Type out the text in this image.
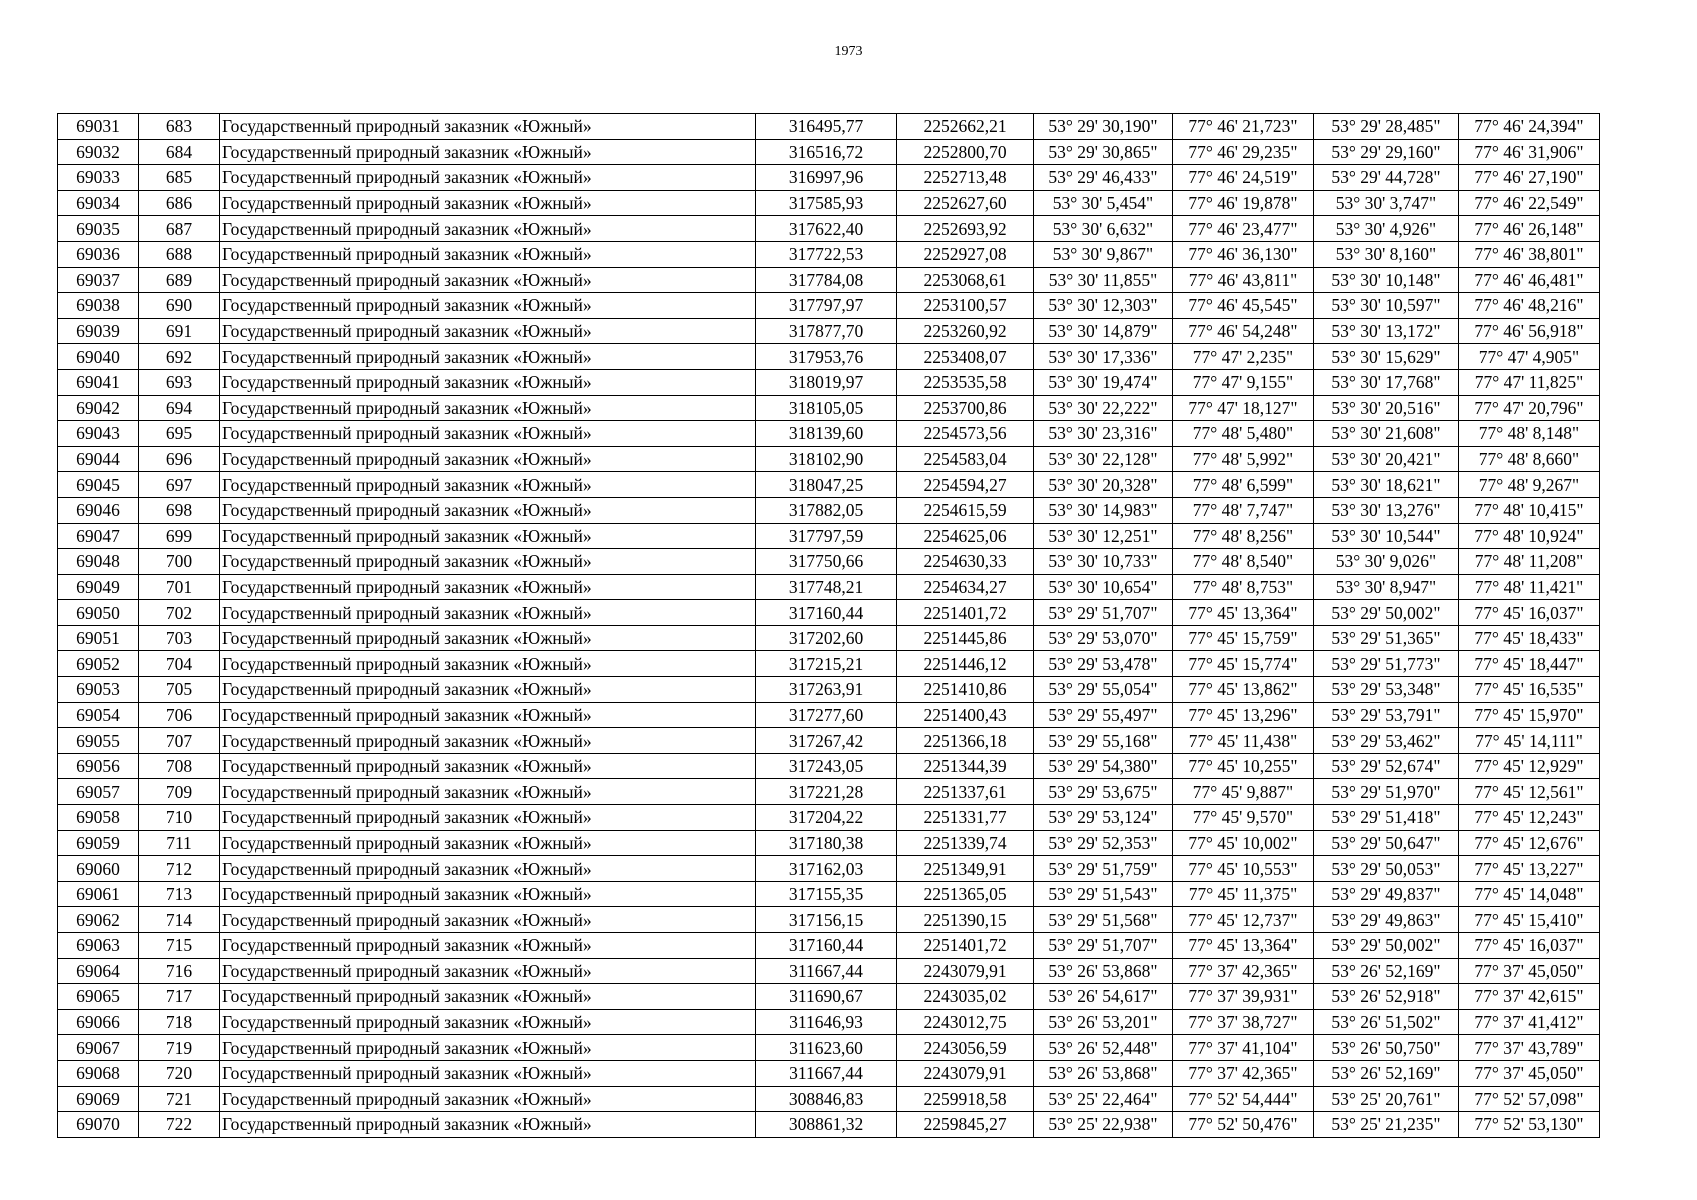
1973
69031	683	Государственный природный заказник «Южный»	316495,77	2252662,21	53° 29' 30,190"	77° 46' 21,723"	53° 29' 28,485"	77° 46' 24,394"
69032	684	Государственный природный заказник «Южный»	316516,72	2252800,70	53° 29' 30,865"	77° 46' 29,235"	53° 29' 29,160"	77° 46' 31,906"
69033	685	Государственный природный заказник «Южный»	316997,96	2252713,48	53° 29' 46,433"	77° 46' 24,519"	53° 29' 44,728"	77° 46' 27,190"
69034	686	Государственный природный заказник «Южный»	317585,93	2252627,60	53° 30' 5,454"	77° 46' 19,878"	53° 30' 3,747"	77° 46' 22,549"
69035	687	Государственный природный заказник «Южный»	317622,40	2252693,92	53° 30' 6,632"	77° 46' 23,477"	53° 30' 4,926"	77° 46' 26,148"
69036	688	Государственный природный заказник «Южный»	317722,53	2252927,08	53° 30' 9,867"	77° 46' 36,130"	53° 30' 8,160"	77° 46' 38,801"
69037	689	Государственный природный заказник «Южный»	317784,08	2253068,61	53° 30' 11,855"	77° 46' 43,811"	53° 30' 10,148"	77° 46' 46,481"
69038	690	Государственный природный заказник «Южный»	317797,97	2253100,57	53° 30' 12,303"	77° 46' 45,545"	53° 30' 10,597"	77° 46' 48,216"
69039	691	Государственный природный заказник «Южный»	317877,70	2253260,92	53° 30' 14,879"	77° 46' 54,248"	53° 30' 13,172"	77° 46' 56,918"
69040	692	Государственный природный заказник «Южный»	317953,76	2253408,07	53° 30' 17,336"	77° 47' 2,235"	53° 30' 15,629"	77° 47' 4,905"
69041	693	Государственный природный заказник «Южный»	318019,97	2253535,58	53° 30' 19,474"	77° 47' 9,155"	53° 30' 17,768"	77° 47' 11,825"
69042	694	Государственный природный заказник «Южный»	318105,05	2253700,86	53° 30' 22,222"	77° 47' 18,127"	53° 30' 20,516"	77° 47' 20,796"
69043	695	Государственный природный заказник «Южный»	318139,60	2254573,56	53° 30' 23,316"	77° 48' 5,480"	53° 30' 21,608"	77° 48' 8,148"
69044	696	Государственный природный заказник «Южный»	318102,90	2254583,04	53° 30' 22,128"	77° 48' 5,992"	53° 30' 20,421"	77° 48' 8,660"
69045	697	Государственный природный заказник «Южный»	318047,25	2254594,27	53° 30' 20,328"	77° 48' 6,599"	53° 30' 18,621"	77° 48' 9,267"
69046	698	Государственный природный заказник «Южный»	317882,05	2254615,59	53° 30' 14,983"	77° 48' 7,747"	53° 30' 13,276"	77° 48' 10,415"
69047	699	Государственный природный заказник «Южный»	317797,59	2254625,06	53° 30' 12,251"	77° 48' 8,256"	53° 30' 10,544"	77° 48' 10,924"
69048	700	Государственный природный заказник «Южный»	317750,66	2254630,33	53° 30' 10,733"	77° 48' 8,540"	53° 30' 9,026"	77° 48' 11,208"
69049	701	Государственный природный заказник «Южный»	317748,21	2254634,27	53° 30' 10,654"	77° 48' 8,753"	53° 30' 8,947"	77° 48' 11,421"
69050	702	Государственный природный заказник «Южный»	317160,44	2251401,72	53° 29' 51,707"	77° 45' 13,364"	53° 29' 50,002"	77° 45' 16,037"
69051	703	Государственный природный заказник «Южный»	317202,60	2251445,86	53° 29' 53,070"	77° 45' 15,759"	53° 29' 51,365"	77° 45' 18,433"
69052	704	Государственный природный заказник «Южный»	317215,21	2251446,12	53° 29' 53,478"	77° 45' 15,774"	53° 29' 51,773"	77° 45' 18,447"
69053	705	Государственный природный заказник «Южный»	317263,91	2251410,86	53° 29' 55,054"	77° 45' 13,862"	53° 29' 53,348"	77° 45' 16,535"
69054	706	Государственный природный заказник «Южный»	317277,60	2251400,43	53° 29' 55,497"	77° 45' 13,296"	53° 29' 53,791"	77° 45' 15,970"
69055	707	Государственный природный заказник «Южный»	317267,42	2251366,18	53° 29' 55,168"	77° 45' 11,438"	53° 29' 53,462"	77° 45' 14,111"
69056	708	Государственный природный заказник «Южный»	317243,05	2251344,39	53° 29' 54,380"	77° 45' 10,255"	53° 29' 52,674"	77° 45' 12,929"
69057	709	Государственный природный заказник «Южный»	317221,28	2251337,61	53° 29' 53,675"	77° 45' 9,887"	53° 29' 51,970"	77° 45' 12,561"
69058	710	Государственный природный заказник «Южный»	317204,22	2251331,77	53° 29' 53,124"	77° 45' 9,570"	53° 29' 51,418"	77° 45' 12,243"
69059	711	Государственный природный заказник «Южный»	317180,38	2251339,74	53° 29' 52,353"	77° 45' 10,002"	53° 29' 50,647"	77° 45' 12,676"
69060	712	Государственный природный заказник «Южный»	317162,03	2251349,91	53° 29' 51,759"	77° 45' 10,553"	53° 29' 50,053"	77° 45' 13,227"
69061	713	Государственный природный заказник «Южный»	317155,35	2251365,05	53° 29' 51,543"	77° 45' 11,375"	53° 29' 49,837"	77° 45' 14,048"
69062	714	Государственный природный заказник «Южный»	317156,15	2251390,15	53° 29' 51,568"	77° 45' 12,737"	53° 29' 49,863"	77° 45' 15,410"
69063	715	Государственный природный заказник «Южный»	317160,44	2251401,72	53° 29' 51,707"	77° 45' 13,364"	53° 29' 50,002"	77° 45' 16,037"
69064	716	Государственный природный заказник «Южный»	311667,44	2243079,91	53° 26' 53,868"	77° 37' 42,365"	53° 26' 52,169"	77° 37' 45,050"
69065	717	Государственный природный заказник «Южный»	311690,67	2243035,02	53° 26' 54,617"	77° 37' 39,931"	53° 26' 52,918"	77° 37' 42,615"
69066	718	Государственный природный заказник «Южный»	311646,93	2243012,75	53° 26' 53,201"	77° 37' 38,727"	53° 26' 51,502"	77° 37' 41,412"
69067	719	Государственный природный заказник «Южный»	311623,60	2243056,59	53° 26' 52,448"	77° 37' 41,104"	53° 26' 50,750"	77° 37' 43,789"
69068	720	Государственный природный заказник «Южный»	311667,44	2243079,91	53° 26' 53,868"	77° 37' 42,365"	53° 26' 52,169"	77° 37' 45,050"
69069	721	Государственный природный заказник «Южный»	308846,83	2259918,58	53° 25' 22,464"	77° 52' 54,444"	53° 25' 20,761"	77° 52' 57,098"
69070	722	Государственный природный заказник «Южный»	308861,32	2259845,27	53° 25' 22,938"	77° 52' 50,476"	53° 25' 21,235"	77° 52' 53,130"
